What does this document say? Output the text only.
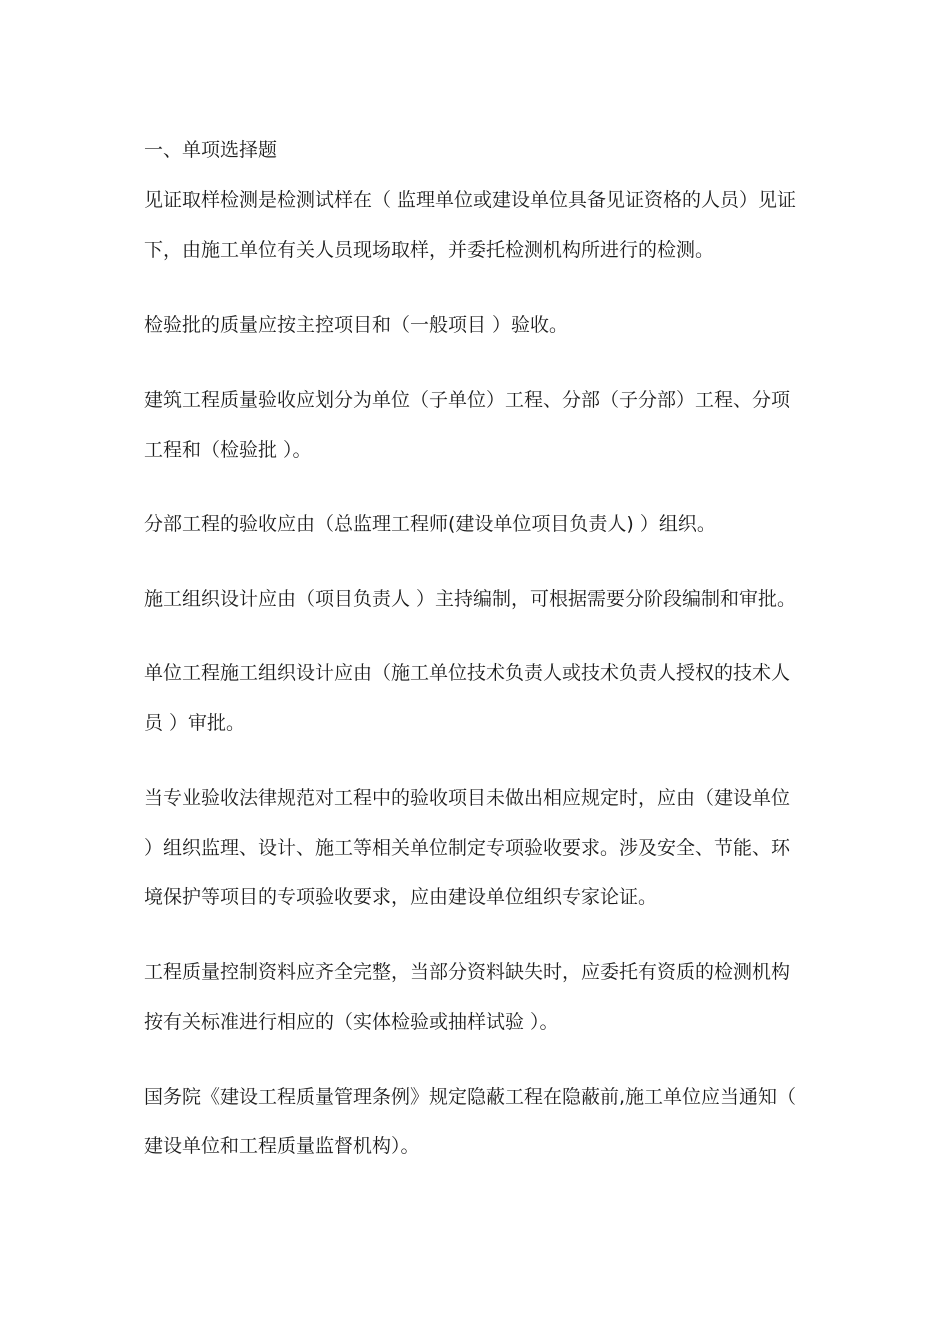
一、单项选择题
见证取样检测是检测试样在（ 监理单位或建设单位具备见证资格的人员）见证
下，由施工单位有关人员现场取样，并委托检测机构所进行的检测。
检验批的质量应按主控项目和（一般项目 ）验收。
建筑工程质量验收应划分为单位（子单位）工程、分部（子分部）工程、分项
工程和（检验批 ）。
分部工程的验收应由（总监理工程师(建设单位项目负责人) ）组织。
施工组织设计应由（项目负责人 ）主持编制，可根据需要分阶段编制和审批。
单位工程施工组织设计应由（施工单位技术负责人或技术负责人授权的技术人
员 ）审批。
当专业验收法律规范对工程中的验收项目未做出相应规定时，应由（建设单位
）组织监理、设计、施工等相关单位制定专项验收要求。涉及安全、节能、环
境保护等项目的专项验收要求，应由建设单位组织专家论证。
工程质量控制资料应齐全完整，当部分资料缺失时，应委托有资质的检测机构
按有关标准进行相应的（实体检验或抽样试验 ）。
国务院《建设工程质量管理条例》规定隐蔽工程在隐蔽前,施工单位应当通知（
建设单位和工程质量监督机构）。
